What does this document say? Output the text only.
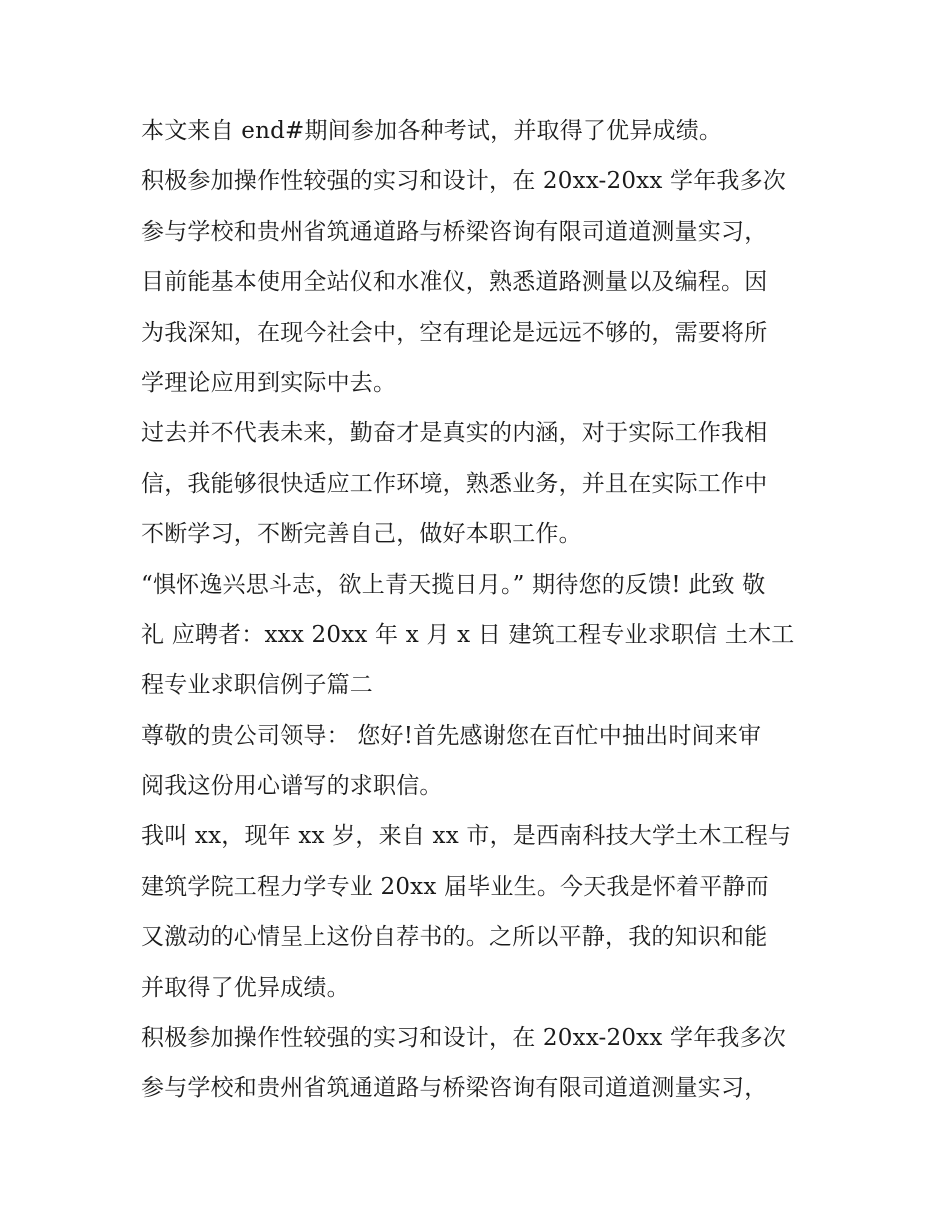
本文来自 end#期间参加各种考试，并取得了优异成绩。
积极参加操作性较强的实习和设计，在 20xx-20xx 学年我多次
参与学校和贵州省筑通道路与桥梁咨询有限司道道测量实习，
目前能基本使用全站仪和水准仪，熟悉道路测量以及编程。因
为我深知，在现今社会中，空有理论是远远不够的，需要将所
学理论应用到实际中去。
过去并不代表未来，勤奋才是真实的内涵，对于实际工作我相
信，我能够很快适应工作环境，熟悉业务，并且在实际工作中
不断学习，不断完善自己，做好本职工作。
“惧怀逸兴思斗志，欲上青天揽日月。” 期待您的反馈! 此致 敬
礼 应聘者：xxx 20xx 年 x 月 x 日 建筑工程专业求职信 土木工
程专业求职信例子篇二
尊敬的贵公司领导： 您好!首先感谢您在百忙中抽出时间来审
阅我这份用心谱写的求职信。
我叫 xx，现年 xx 岁，来自 xx 市，是西南科技大学土木工程与
建筑学院工程力学专业 20xx 届毕业生。今天我是怀着平静而
又激动的心情呈上这份自荐书的。之所以平静，我的知识和能
并取得了优异成绩。
积极参加操作性较强的实习和设计，在 20xx-20xx 学年我多次
参与学校和贵州省筑通道路与桥梁咨询有限司道道测量实习，
